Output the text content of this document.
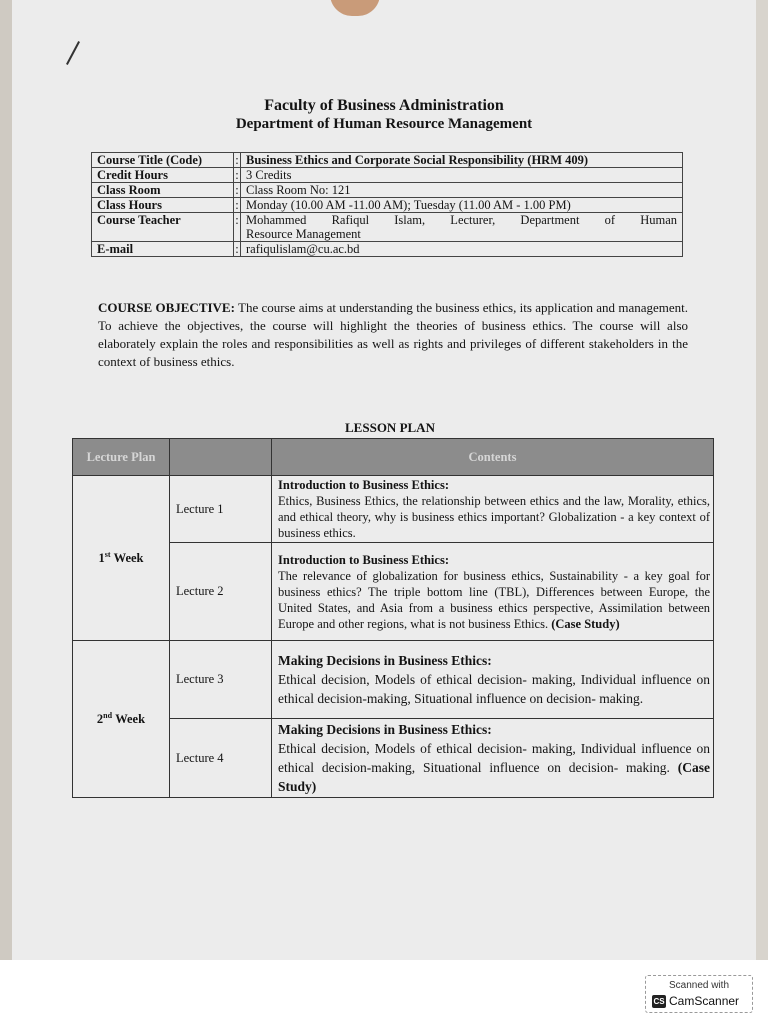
Faculty of Business Administration
Department of Human Resource Management
Course Title (Code)	:	Business Ethics and Corporate Social Responsibility (HRM 409)
Credit Hours	:	3 Credits
Class Room	:	Class Room No: 121
Class Hours	:	Monday (10.00 AM -11.00 AM); Tuesday (11.00 AM - 1.00 PM)
Course Teacher	:	Mohammed Rafiqul Islam, Lecturer, Department of Human
Resource Management

E-mail	:	rafiqulislam@cu.ac.bd
COURSE OBJECTIVE: The course aims at understanding the business ethics, its application and management. To achieve the objectives, the course will highlight the theories of business ethics. The course will also elaborately explain the roles and responsibilities as well as rights and privileges of different stakeholders in the context of business ethics.
LESSON PLAN
Lecture Plan		Contents
1st Week	Lecture 1	Introduction to Business Ethics:
Ethics, Business Ethics, the relationship between ethics and the law, Morality, ethics, and ethical theory, why is business ethics important? Globalization - a key context of business ethics.

	Lecture 2	Introduction to Business Ethics:
The relevance of globalization for business ethics, Sustainability - a key goal for business ethics? The triple bottom line (TBL), Differences between Europe, the United States, and Asia from a business ethics perspective, Assimilation between Europe and other regions, what is not business Ethics. (Case Study)

2nd Week	Lecture 3	Making Decisions in Business Ethics:
Ethical decision, Models of ethical decision- making, Individual influence on ethical decision-making, Situational influence on decision- making.

	Lecture 4	Making Decisions in Business Ethics:
Ethical decision, Models of ethical decision- making, Individual influence on ethical decision-making, Situational influence on decision- making. (Case Study)
Scanned with
CS CamScanner
